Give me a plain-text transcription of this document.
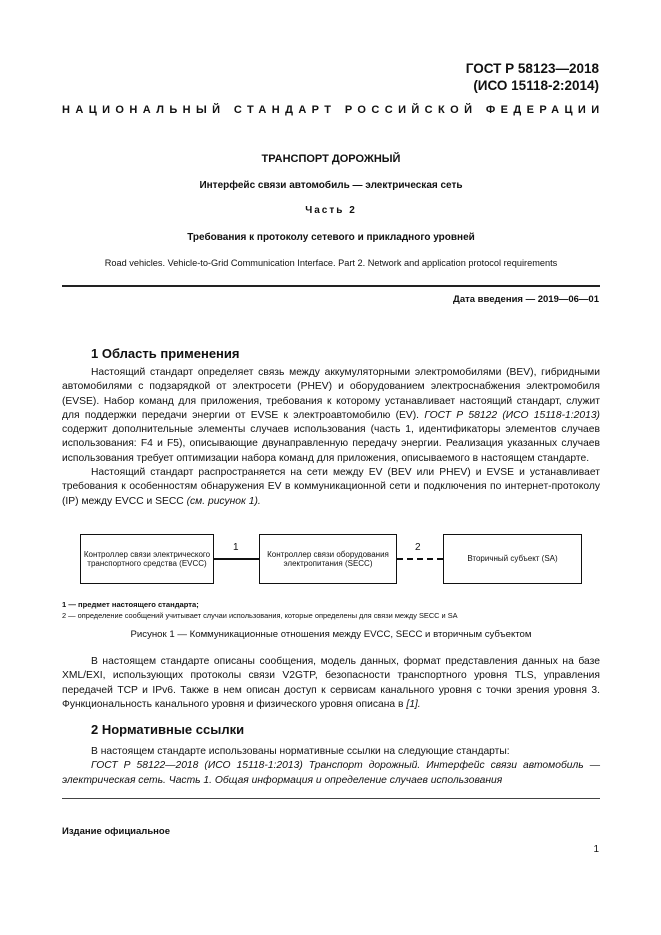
ГОСТ Р 58123—2018
(ИСО 15118-2:2014)
НАЦИОНАЛЬНЫЙ СТАНДАРТ РОССИЙСКОЙ ФЕДЕРАЦИИ
ТРАНСПОРТ ДОРОЖНЫЙ
Интерфейс связи автомобиль — электрическая сеть
Часть 2
Требования к протоколу сетевого и прикладного уровней
Road vehicles. Vehicle-to-Grid Communication Interface. Part 2. Network and application protocol requirements
Дата введения — 2019—06—01
1 Область применения

Настоящий стандарт определяет связь между аккумуляторными электромобилями (BEV), гибридными автомобилями с подзарядкой от электросети (PHEV) и оборудованием электроснабжения электромобиля (EVSE). Набор команд для приложения, требования к которому устанавливает настоящий стандарт, служит для поддержки передачи энергии от EVSE к электроавтомобилю (EV). ГОСТ Р 58122 (ИСО 15118-1:2013) содержит дополнительные элементы случаев использования (часть 1, идентификаторы элементов случаев использования: F4 и F5), описывающие двунаправленную передачу энергии. Реализация указанных случаев использования требует оптимизации набора команд для приложения, описываемого в настоящем стандарте.

Настоящий стандарт распространяется на сети между EV (BEV или PHEV) и EVSE и устанавливает требования к особенностям обнаружения EV в коммуникационной сети и подключения по интернет-протоколу (IP) между EVCC и SECC (см. рисунок 1).

Контроллер связи электрического транспортного средства (EVCC)
1
Контроллер связи оборудования электропитания (SECC)
2
Вторичный субъект (SA)
1 — предмет настоящего стандарта;
2 — определение сообщений учитывает случаи использования, которые определены для связи между SECC и SA
Рисунок 1 — Коммуникационные отношения между EVCC, SECC и вторичным субъектом

В настоящем стандарте описаны сообщения, модель данных, формат представления данных на базе XML/EXI, использующих протоколы связи V2GTP, безопасности транспортного уровня TLS, управления передачей TCP и IPv6. Также в нем описан доступ к сервисам канального уровня с точки зрения уровня 3. Функциональность канального уровня и физического уровня описана в [1].

2 Нормативные ссылки

В настоящем стандарте использованы нормативные ссылки на следующие стандарты:

ГОСТ Р 58122—2018 (ИСО 15118-1:2013) Транспорт дорожный. Интерфейс связи автомобиль — электрическая сеть. Часть 1. Общая информация и определение случаев использования

Издание официальное
1
